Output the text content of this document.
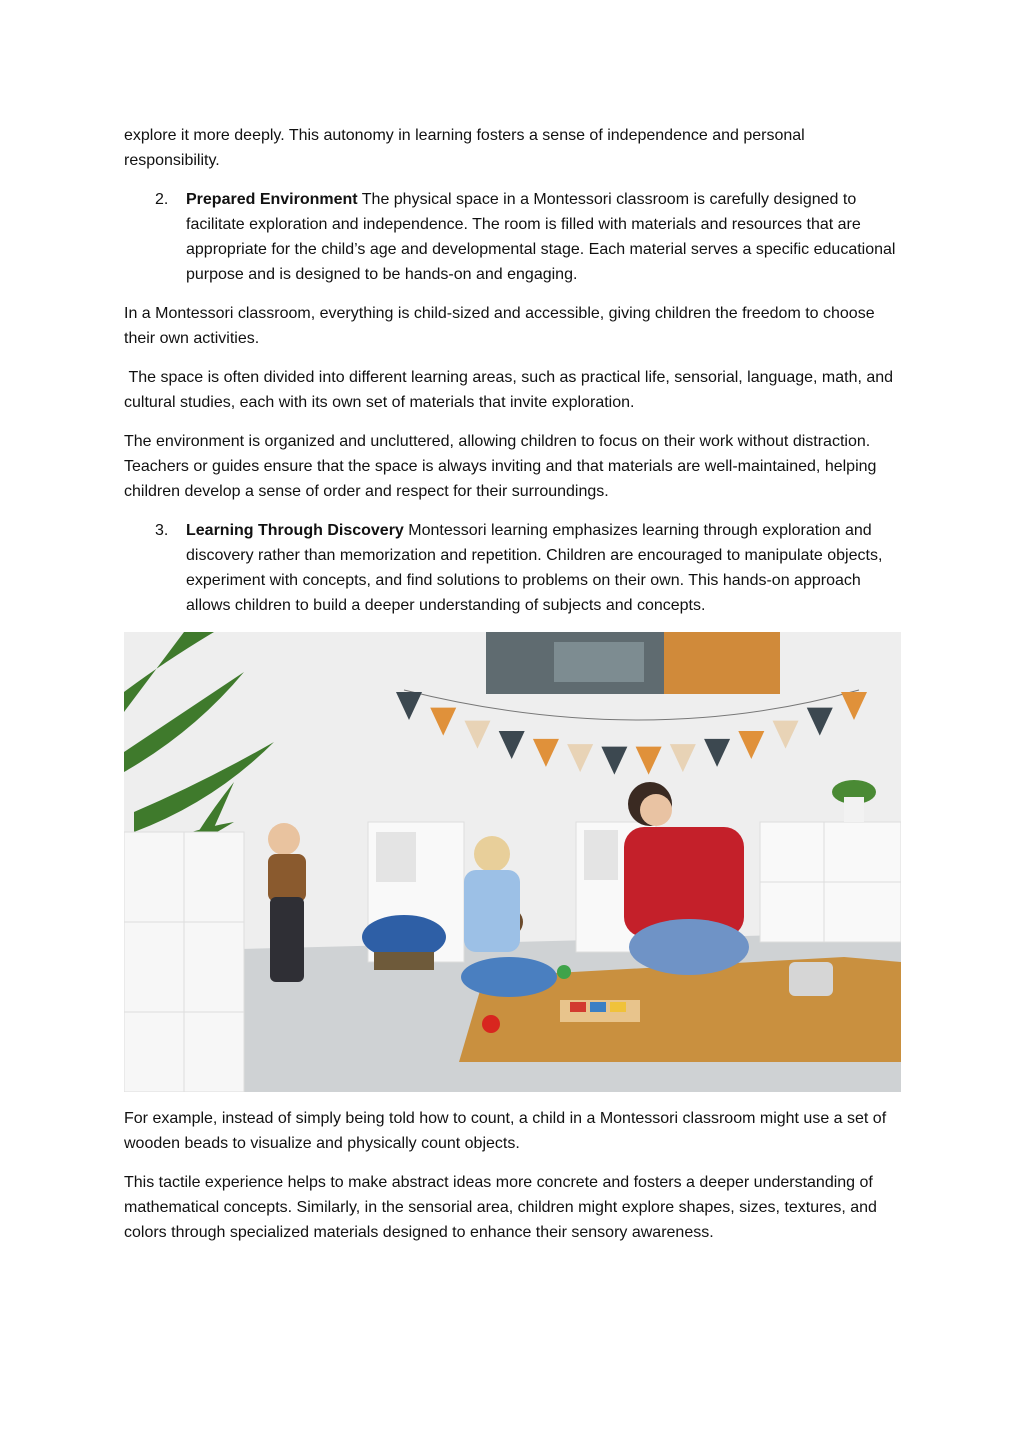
explore it more deeply. This autonomy in learning fosters a sense of independence and personal responsibility.

2. Prepared Environment The physical space in a Montessori classroom is carefully designed to facilitate exploration and independence. The room is filled with materials and resources that are appropriate for the child’s age and developmental stage. Each material serves a specific educational purpose and is designed to be hands-on and engaging.

In a Montessori classroom, everything is child-sized and accessible, giving children the freedom to choose their own activities.

The space is often divided into different learning areas, such as practical life, sensorial, language, math, and cultural studies, each with its own set of materials that invite exploration.

The environment is organized and uncluttered, allowing children to focus on their work without distraction. Teachers or guides ensure that the space is always inviting and that materials are well-maintained, helping children develop a sense of order and respect for their surroundings.

3. Learning Through Discovery Montessori learning emphasizes learning through exploration and discovery rather than memorization and repetition. Children are encouraged to manipulate objects, experiment with concepts, and find solutions to problems on their own. This hands-on approach allows children to build a deeper understanding of subjects and concepts.

For example, instead of simply being told how to count, a child in a Montessori classroom might use a set of wooden beads to visualize and physically count objects.

This tactile experience helps to make abstract ideas more concrete and fosters a deeper understanding of mathematical concepts. Similarly, in the sensorial area, children might explore shapes, sizes, textures, and colors through specialized materials designed to enhance their sensory awareness.
